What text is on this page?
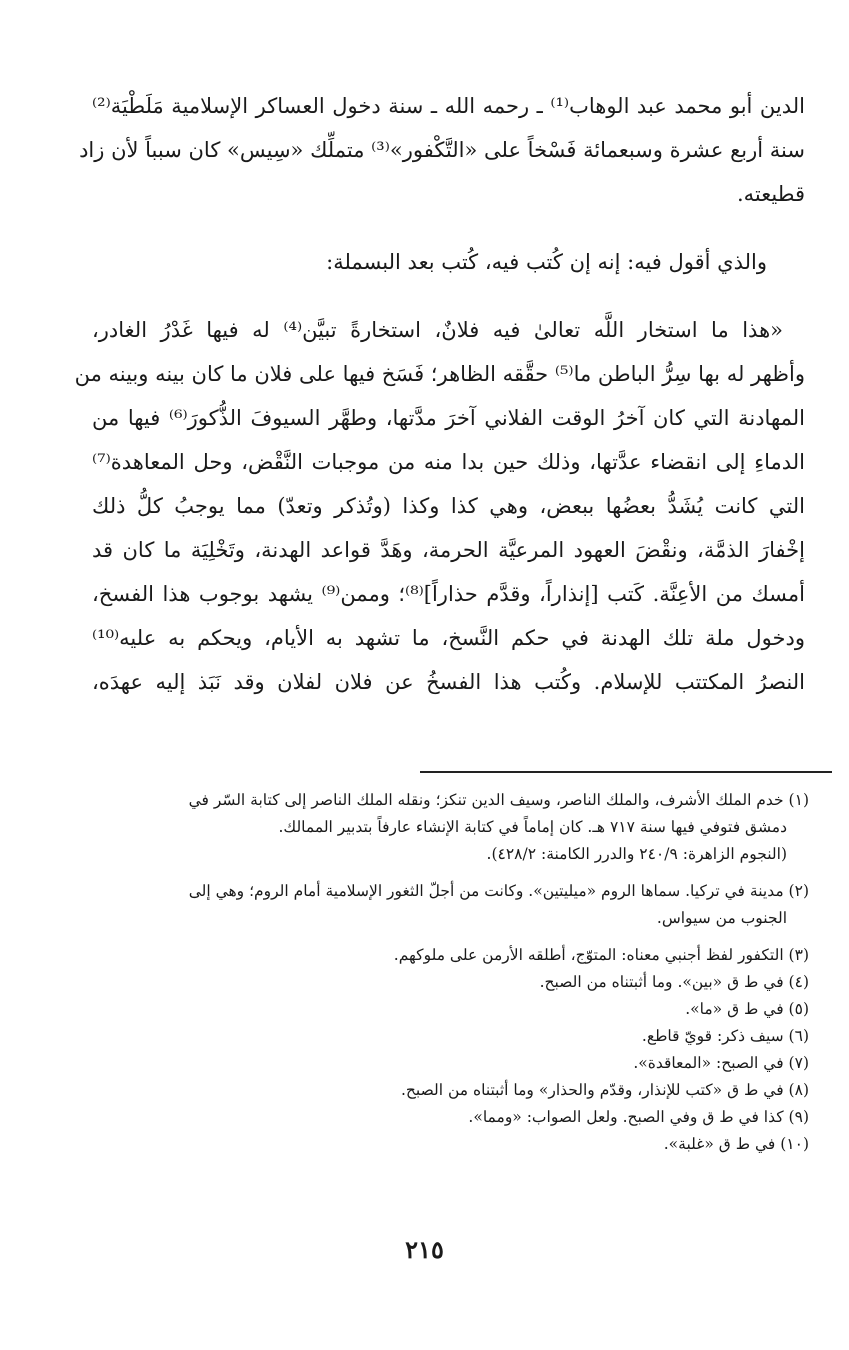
الدين أبو محمد عبد الوهاب⁽¹⁾ ـ رحمه الله ـ سنة دخول العساكر الإسلامية مَلَطْيَة⁽²⁾
سنة أربع عشرة وسبعمائة فَسْخاً على «التَّكْفور»⁽³⁾ متملِّك «سِيس» كان سبباً لأن زاد
قطيعته.
والذي أقول فيه: إنه إن كُتب فيه، كُتب بعد البسملة:
«هذا ما استخار اللَّه تعالىٰ فيه فلانٌ، استخارةً تبيَّن⁽⁴⁾ له فيها غَدْرُ الغادر،
وأظهر له بها سِرُّ الباطن ما⁽⁵⁾ حقَّقه الظاهر؛ فَسَخ فيها على فلان ما كان بينه وبينه من
المهادنة التي كان آخرُ الوقت الفلاني آخرَ مدَّتها، وطهَّر السيوفَ الذُّكورَ⁽⁶⁾ فيها من
الدماءِ إلى انقضاء عدَّتها، وذلك حين بدا منه من موجبات النَّقْض، وحل المعاهدة⁽⁷⁾
التي كانت يُشَدُّ بعضُها ببعض، وهي كذا وكذا (وتُذكر وتعدّ) مما يوجبُ كلُّ ذلك
إخْفارَ الذمَّة، ونقْضَ العهود المرعيَّة الحرمة، وهَدَّ قواعد الهدنة، وتَخْلِيَة ما كان قد
أمسك من الأعِنَّة. كَتب [إنذاراً، وقدَّم حذاراً]⁽⁸⁾؛ وممن⁽⁹⁾ يشهد بوجوب هذا الفسخ،
ودخول ملة تلك الهدنة في حكم النَّسخ، ما تشهد به الأيام، ويحكم به عليه⁽¹⁰⁾
النصرُ المكتتب للإسلام. وكُتب هذا الفسخُ عن فلان لفلان وقد نَبَذ إليه عهدَه،
(١) خدم الملك الأشرف، والملك الناصر، وسيف الدين تنكز؛ ونقله الملك الناصر إلى كتابة السّر في
دمشق فتوفي فيها سنة ٧١٧ هـ. كان إماماً في كتابة الإنشاء عارفاً بتدبير الممالك.
(النجوم الزاهرة: ٢٤٠/٩ والدرر الكامنة: ٤٢٨/٢).
(٢) مدينة في تركيا. سماها الروم «ميليتين». وكانت من أجلّ الثغور الإسلامية أمام الروم؛ وهي إلى
الجنوب من سيواس.
(٣) التكفور لفظ أجنبي معناه: المتوّج، أطلقه الأرمن على ملوكهم.
(٤) في ط ق «بين». وما أثبتناه من الصبح.
(٥) في ط ق «ما».
(٦) سيف ذكر: قويّ قاطع.
(٧) في الصبح: «المعاقدة».
(٨) في ط ق «كتب للإنذار، وقدّم والحذار» وما أثبتناه من الصبح.
(٩) كذا في ط ق وفي الصبح. ولعل الصواب: «ومما».
(١٠) في ط ق «غلبة».
٢١٥
